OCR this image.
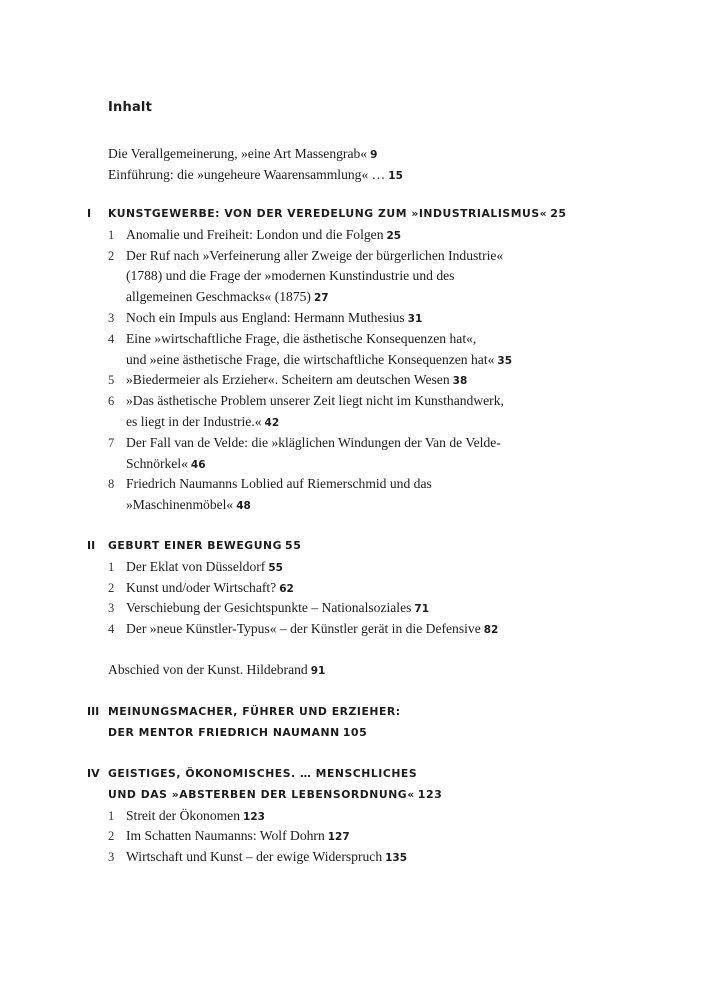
Inhalt
Die Verallgemeinerung, »eine Art Massengrab« 9
Einführung: die »ungeheure Waarensammlung« … 15
I KUNSTGEWERBE: VON DER VEREDELUNG ZUM »INDUSTRIALISMUS« 25
1 Anomalie und Freiheit: London und die Folgen 25
2 Der Ruf nach »Verfeinerung aller Zweige der bürgerlichen Industrie«
(1788) und die Frage der »modernen Kunstindustrie und des
allgemeinen Geschmacks« (1875) 27
3 Noch ein Impuls aus England: Hermann Muthesius 31
4 Eine »wirtschaftliche Frage, die ästhetische Konsequenzen hat«,
und »eine ästhetische Frage, die wirtschaftliche Konsequenzen hat« 35
5 »Biedermeier als Erzieher«. Scheitern am deutschen Wesen 38
6 »Das ästhetische Problem unserer Zeit liegt nicht im Kunsthandwerk,
es liegt in der Industrie.« 42
7 Der Fall van de Velde: die »kläglichen Windungen der Van de Velde-
Schnörkel« 46
8 Friedrich Naumanns Loblied auf Riemerschmid und das
»Maschinenmöbel« 48
II GEBURT EINER BEWEGUNG 55
1 Der Eklat von Düsseldorf 55
2 Kunst und/oder Wirtschaft? 62
3 Verschiebung der Gesichtspunkte – Nationalsoziales 71
4 Der »neue Künstler-Typus« – der Künstler gerät in die Defensive 82
Abschied von der Kunst. Hildebrand 91
III MEINUNGSMACHER, FÜHRER UND ERZIEHER:
DER MENTOR FRIEDRICH NAUMANN 105
IV GEISTIGES, ÖKONOMISCHES. … MENSCHLICHES
UND DAS »ABSTERBEN DER LEBENSORDNUNG« 123
1 Streit der Ökonomen 123
2 Im Schatten Naumanns: Wolf Dohrn 127
3 Wirtschaft und Kunst – der ewige Widerspruch 135
